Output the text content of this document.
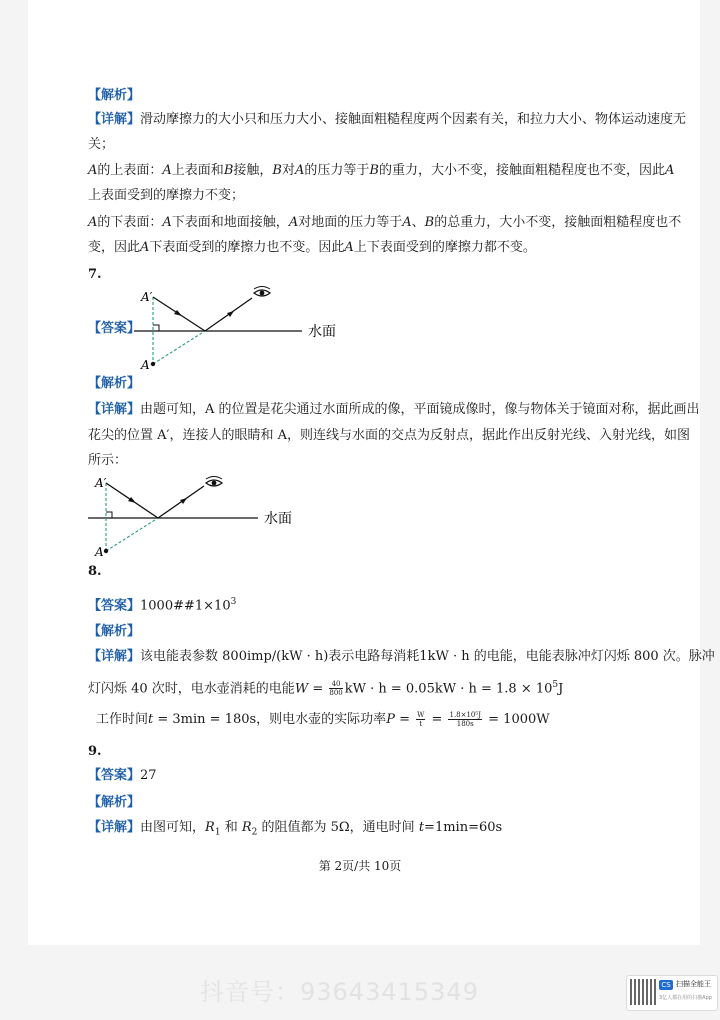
【解析】
【详解】滑动摩擦力的大小只和压力大小、接触面粗糙程度两个因素有关，和拉力大小、物体运动速度无
关；
A的上表面：A上表面和B接触，B对A的压力等于B的重力，大小不变，接触面粗糙程度也不变，因此A
上表面受到的摩擦力不变；
A的下表面：A下表面和地面接触，A对地面的压力等于A、B的总重力，大小不变，接触面粗糙程度也不
变，因此A下表面受到的摩擦力也不变。因此A上下表面受到的摩擦力都不变。
7.
【答案】
A′
A
水面
【解析】
【详解】由题可知，A 的位置是花尖通过水面所成的像，平面镜成像时，像与物体关于镜面对称，据此画出
花尖的位置 A′，连接人的眼睛和 A，则连线与水面的交点为反射点，据此作出反射光线、入射光线，如图
所示：
A′
A
水面
8.
【答案】$1000\#\#1\times 10^3$
【解析】
【详解】该电能表参数 800imp/(kW · h)表示电路每消耗1kW · h 的电能，电能表脉冲灯闪烁 800 次。脉冲
灯闪烁 40 次时，电水壶消耗的电能$W = \frac{40}{800}$ kW · $h = 0.05kW \cdot h = 1.8 \times 10^5J$
工作时间t = 3min = 180s，则电水壶的实际功率$P = \frac{W}{t} = \frac{\text{1.8×10⁵J}}{180s} = 1000W$
9.
【答案】27
【解析】
【详解】由图可知，$R_1$ 和 $R_2$ 的阻值都为 5Ω，通电时间 t=1min=60s
第 2页/共 10页
抖音号：93643415349	CS 扫描全能王
3亿人都在用的扫描App
